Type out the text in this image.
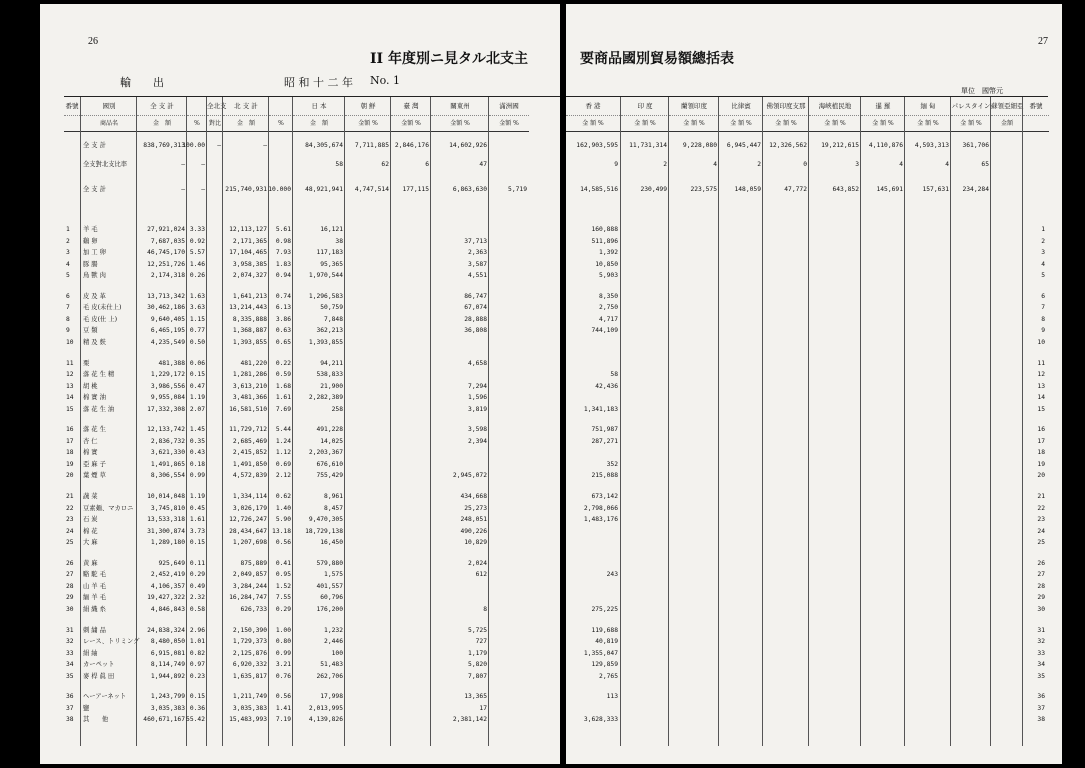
26
II 年度別ニ見タル北支主
輸　　出	昭 和 十 二 年 No. 1
番號
1
2
3
4
5
6
7
8
9
10
11
12
13
14
15
16
17
18
19
20
21
22
23
24
25
26
27
28
29
30
31
32
33
34
35
36
37
38
國別
商品名
全 支 計
全支對北支比率
全 支 計
羊 毛
鷄 卵
加 工 卵
豚 腸
鳥 獸 肉
皮 及 革
毛 皮(未仕上)
毛 皮(仕 上)
豆 類
精 及 麩
栗
落 花 生 精
胡 桃
棉 實 油
落 花 生 油
落 花 生
杏 仁
棉 實
亞 麻 子
葉 煙 草
蔬 菜
豆素麺、マカロニ
石 炭
棉 花
大 麻
黄 麻
駱 駝 毛
山 羊 毛
緬 羊 毛
絹 織 糸
刺 繍 品
レース、トリミング
絹 紬
カーペット
麥 桿 眞 田
ヘーアーネット
鹽
其　　他
全 支 計
金　額
838,769,313
—
—
27,921,024
7,687,035
46,745,170
12,251,726
2,174,318
13,713,342
30,462,186
9,640,405
6,465,195
4,235,549
481,388
1,229,172
3,986,556
9,955,084
17,332,308
12,133,742
2,836,732
3,621,330
1,491,865
8,306,554
10,014,048
3,745,810
13,533,318
31,300,874
1,289,180
925,649
2,452,419
4,106,357
19,427,322
4,846,843
24,838,324
8,480,050
6,915,081
8,114,749
1,944,892
1,243,799
3,035,383
460,671,167
%
100.00
—
—
3.33
0.92
5.57
1.46
0.26
1.63
3.63
1.15
0.77
0.50
0.06
0.15
0.47
1.19
2.07
1.45
0.35
0.43
0.18
0.99
1.19
0.45
1.61
3.73
0.15
0.11
0.29
0.49
2.32
0.58
2.96
1.01
0.82
0.97
0.23
0.15
0.36
55.42
全北支
對比
—
北 支 計
金　額
—
215,740,931
12,113,127
2,171,365
17,104,465
3,958,385
2,074,327
1,641,213
13,214,443
8,335,888
1,368,887
1,393,855
481,220
1,281,286
3,613,210
3,481,366
16,581,510
11,729,712
2,685,469
2,415,852
1,491,850
4,572,839
1,334,114
3,026,179
12,726,247
28,434,647
1,207,698
875,889
2,049,857
3,284,244
16,284,747
626,733
2,150,390
1,729,373
2,125,876
6,920,332
1,635,817
1,211,749
3,035,383
15,483,993
%
10.000
5.61
0.98
7.93
1.83
0.94
0.74
6.13
3.86
0.63
0.65
0.22
0.59
1.68
1.61
7.69
5.44
1.24
1.12
0.69
2.12
0.62
1.40
5.90
13.18
0.56
0.41
0.95
1.52
7.55
0.29
1.00
0.80
0.99
3.21
0.76
0.56
1.41
7.19
日 本
金　額
84,305,674
58
48,921,941
16,121
38
117,183
95,365
1,970,544
1,296,583
50,759
7,848
362,213
1,393,855
94,211
538,833
21,900
2,282,389
258
491,228
14,025
2,203,367
676,610
755,429
8,961
8,457
9,470,305
18,729,138
16,450
579,880
1,575
401,557
60,796
176,200
1,232
2,446
100
51,483
262,706
17,998
2,013,995
4,139,826
朝 鮮
金額 %
7,711,885
62
4,747,514
臺 灣
金額 %
2,846,176
6
177,115
關東州
金額 %
14,602,926
47
6,863,630
37,713
2,363
3,587
4,551
86,747
67,074
28,888
36,808
4,658
7,294
1,596
3,819
3,598
2,394
2,945,072
434,668
25,273
248,051
490,226
10,829
2,024
612
8
5,725
727
1,179
5,820
7,807
13,365
17
2,381,142
滿洲國
金額 %
5,719
27
要商品國別貿易額總括表
單位　國幣元
香 港
金 額 %
162,903,595
9
14,585,516
160,888
511,896
1,392
10,850
5,903
8,350
2,750
4,717
744,109
58
42,436
1,341,183
751,987
287,271
352
215,088
673,142
2,798,066
1,483,176
243
275,225
119,688
40,819
1,355,047
129,859
2,765
113
3,628,333
印 度
金 額 %
11,731,314
2
230,499
蘭領印度
金 額 %
9,228,080
4
223,575
比律賓
金 額 %
6,945,447
2
148,059
佛領印度支那
金 額 %
12,326,562
0
47,772
海峽植民地
金 額 %
19,212,615
3
643,852
暹 羅
金 額 %
4,110,876
4
145,691
緬 甸
金 額 %
4,593,313
4
157,631
パレスタイン
金 額 %
361,706
65
234,284
蘇領亞細亞
金額
番號
1
2
3
4
5
6
7
8
9
10
11
12
13
14
15
16
17
18
19
20
21
22
23
24
25
26
27
28
29
30
31
32
33
34
35
36
37
38
